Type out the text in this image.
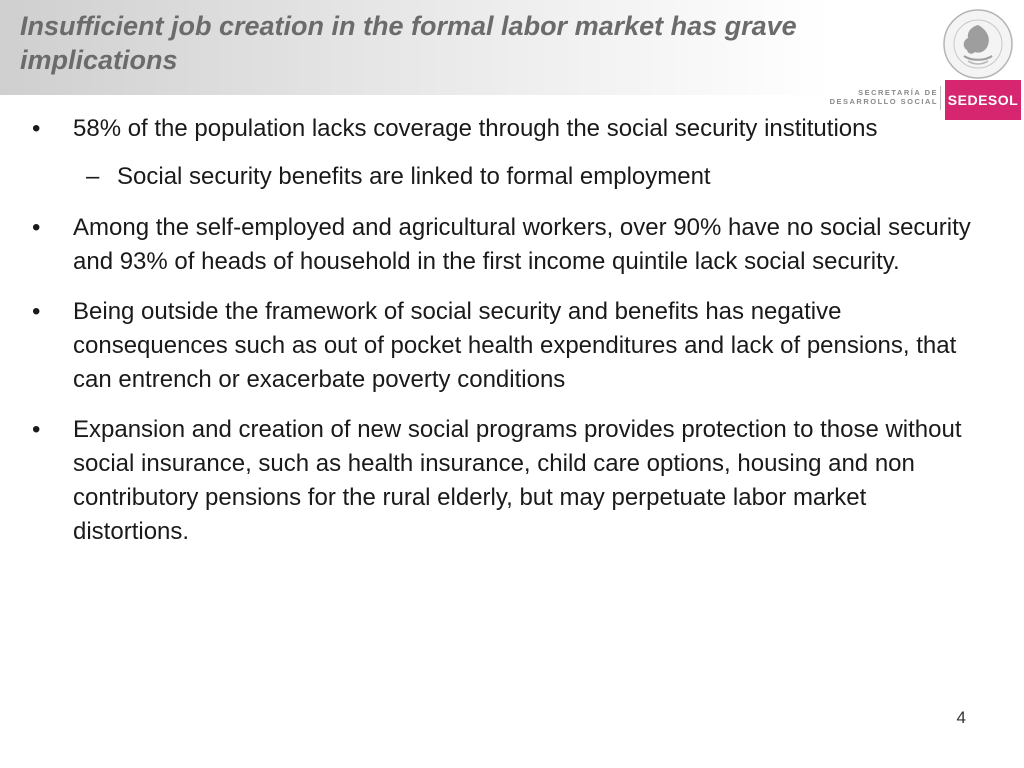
Insufficient job creation in the formal labor market has grave implications
SECRETARÍA DE
DESARROLLO SOCIAL SEDESOL
• 58% of the population lacks coverage through the social security institutions
– Social security benefits are linked to formal employment
• Among the self-employed and agricultural workers, over 90% have no social security and 93% of heads of household in the first income quintile lack social security.
• Being outside the framework of social security and benefits has negative consequences such as out of pocket health expenditures and lack of pensions, that can entrench or exacerbate poverty conditions
• Expansion and creation of new social programs provides protection to those without social insurance, such as health insurance, child care options, housing and non contributory pensions for the rural elderly, but may perpetuate labor market distortions.
4
